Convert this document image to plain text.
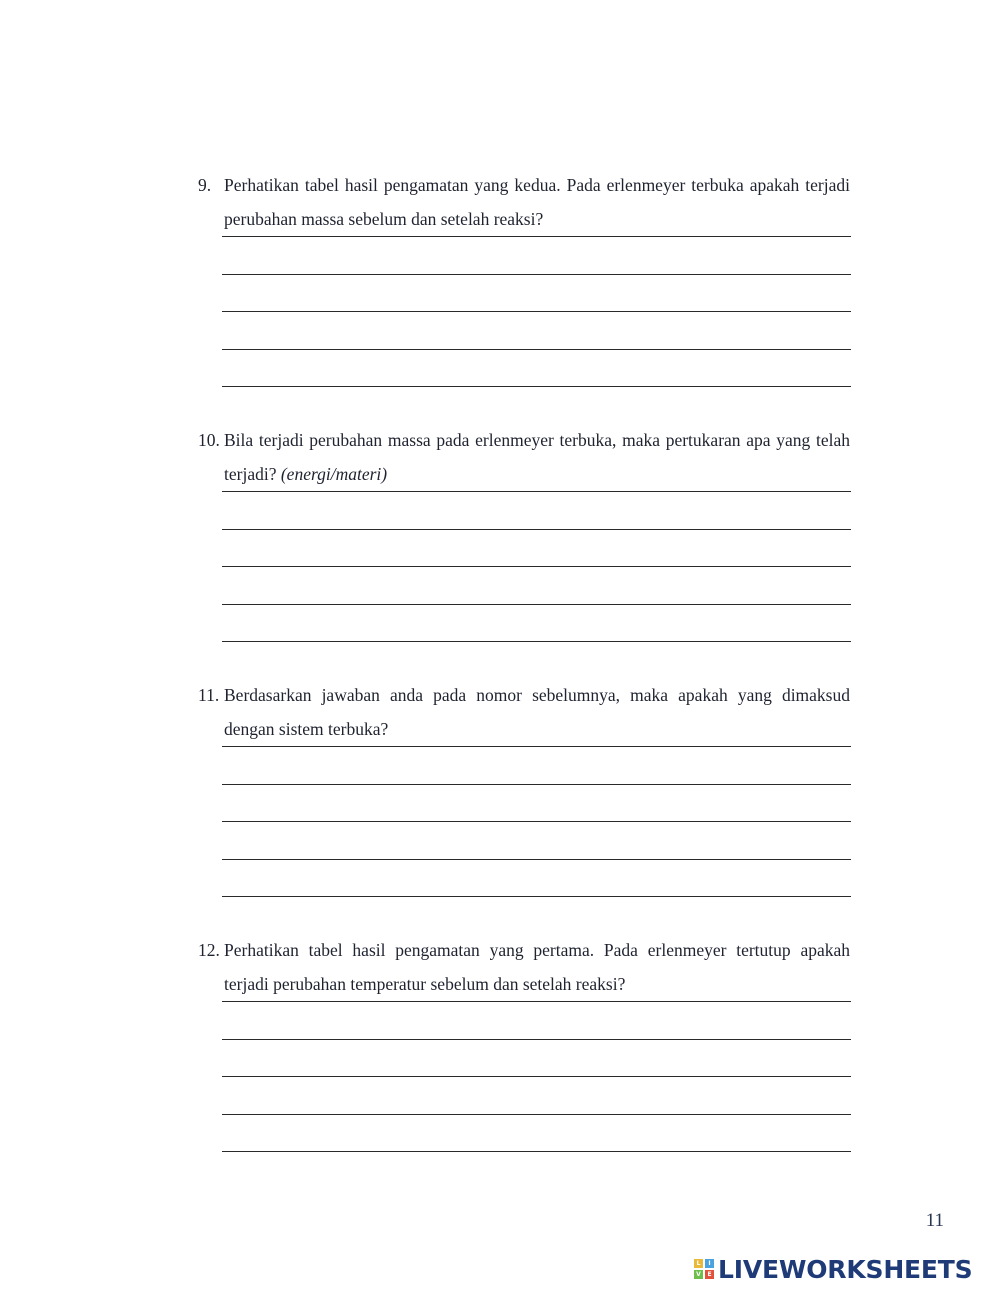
9. Perhatikan tabel hasil pengamatan yang kedua. Pada erlenmeyer terbuka apakah terjadi perubahan massa sebelum dan setelah reaksi?
10. Bila terjadi perubahan massa pada erlenmeyer terbuka, maka pertukaran apa yang telah terjadi? (energi/materi)
11. Berdasarkan jawaban anda pada nomor sebelumnya, maka apakah yang dimaksud dengan sistem terbuka?
12. Perhatikan tabel hasil pengamatan yang pertama. Pada erlenmeyer tertutup apakah terjadi perubahan temperatur sebelum dan setelah reaksi?
11
L	I
V	E LIVEWORKSHEETS
